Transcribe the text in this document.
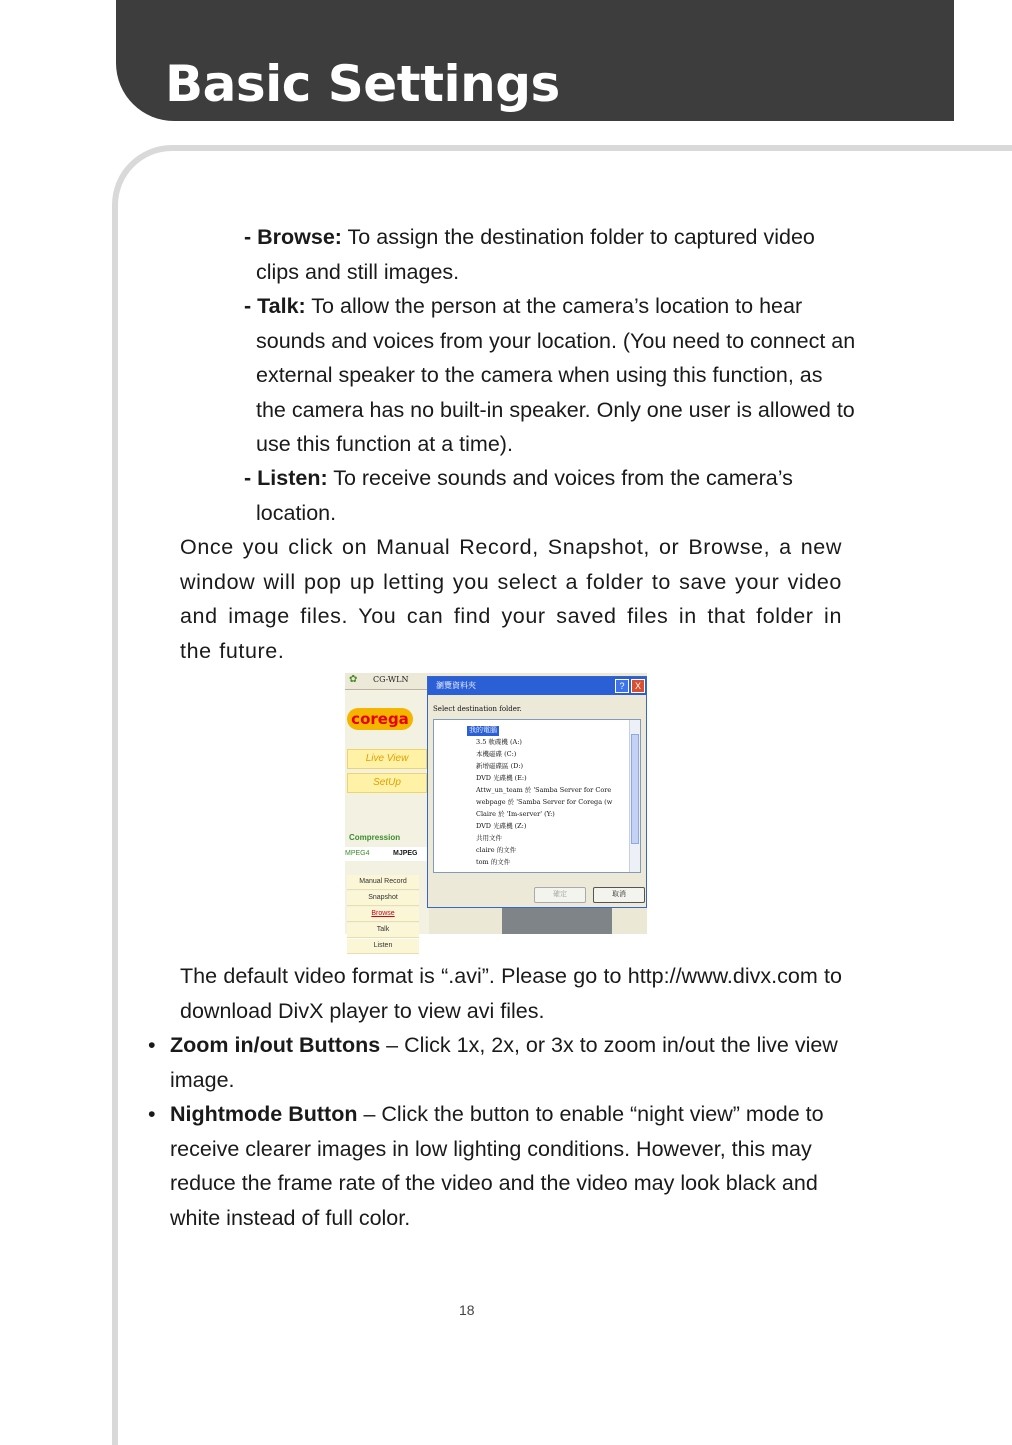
Basic Settings

- Browse: To assign the destination folder to captured video clips and still images.

- Talk: To allow the person at the camera’s location to hear sounds and voices from your location. (You need to connect an external speaker to the camera when using this function, as the camera has no built-in speaker. Only one user is allowed to use this function at a time).

- Listen: To receive sounds and voices from the camera’s location.

Once you click on Manual Record, Snapshot, or Browse, a new window will pop up letting you select a folder to save your video and image files. You can find your saved files in that folder in the future.

✿ CG-WLN
corega
Live View
SetUp
Compression
MPEG4	MJPEG
Manual Record
Snapshot
Browse
Talk
Listen
瀏覽資料夾	?	X
Select destination folder.
我的電腦
3.5 軟碟機 (A:)
本機磁碟 (C:)
新增磁碟區 (D:)
DVD 光碟機 (E:)
Attw_un_team 於 'Samba Server for Core
webpage 於 'Samba Server for Corega (w
Claire 於 'Im-server' (Y:)
DVD 光碟機 (Z:)
共用文件
claire 的文件
tom 的文件
確定	取消

The default video format is “.avi”. Please go to http://www.divx.com to download DivX player to view avi files.

• Zoom in/out Buttons – Click 1x, 2x, or 3x to zoom in/out the live view image.

• Nightmode Button – Click the button to enable “night view” mode to receive clearer images in low lighting conditions. However, this may reduce the frame rate of the video and the video may look black and white instead of full color.

18
